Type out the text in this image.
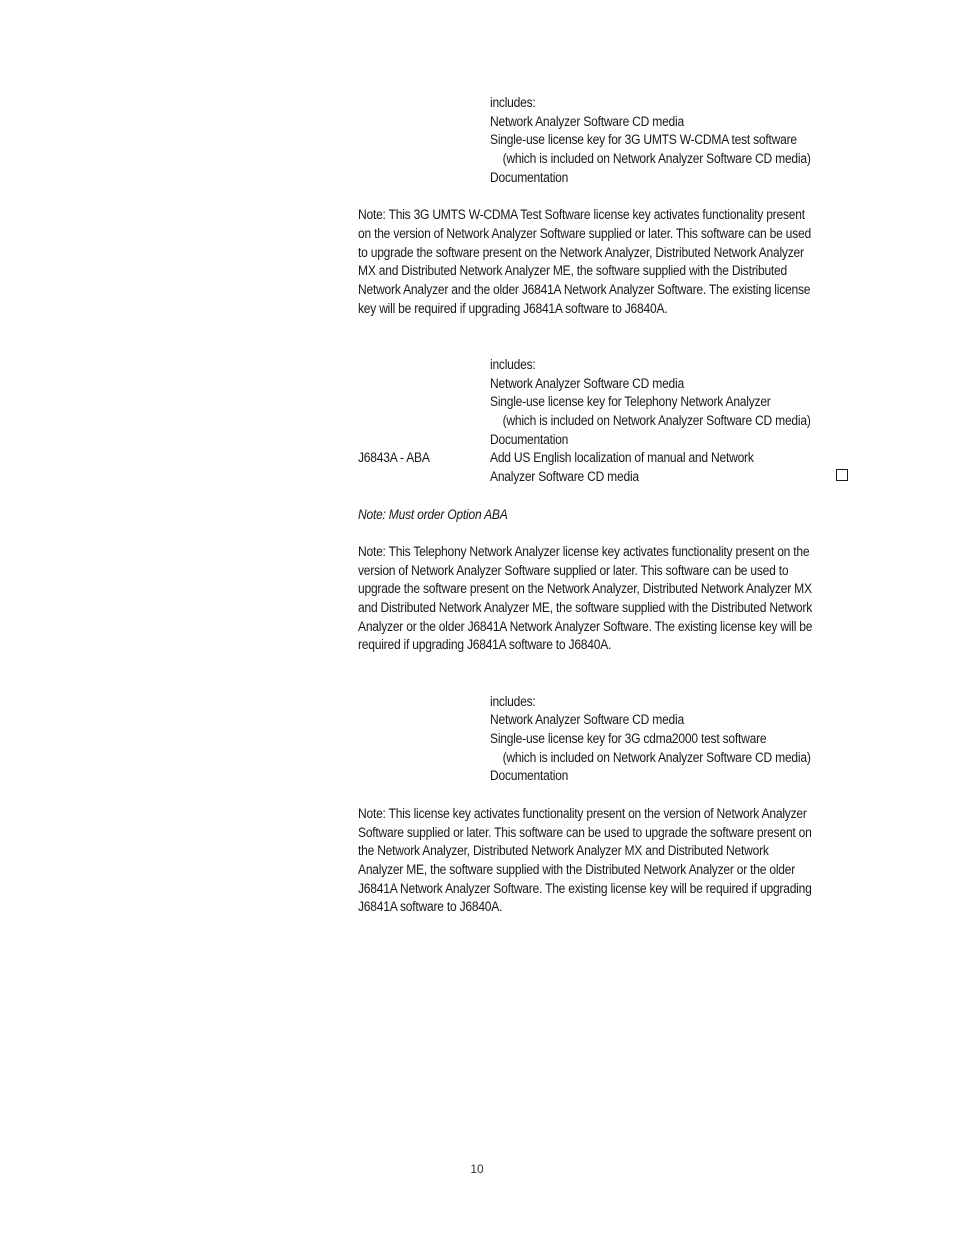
includes:
Network Analyzer Software CD media
Single-use license key for 3G UMTS W-CDMA test software
(which is included on Network Analyzer Software CD media)
Documentation
Note: This 3G UMTS W-CDMA Test Software license key activates functionality present
on the version of Network Analyzer Software supplied or later. This software can be used
to upgrade the software present on the Network Analyzer, Distributed Network Analyzer
MX and Distributed Network Analyzer ME, the software supplied with the Distributed
Network Analyzer and the older J6841A Network Analyzer Software. The existing license
key will be required if upgrading J6841A software to J6840A.
includes:
Network Analyzer Software CD media
Single-use license key for Telephony Network Analyzer
(which is included on Network Analyzer Software CD media)
Documentation
J6843A - ABA	Add US English localization of manual and Network
Analyzer Software CD media
Note: Must order Option ABA
Note: This Telephony Network Analyzer license key activates functionality present on the
version of Network Analyzer Software supplied or later. This software can be used to
upgrade the software present on the Network Analyzer, Distributed Network Analyzer MX
and Distributed Network Analyzer ME, the software supplied with the Distributed Network
Analyzer or the older J6841A Network Analyzer Software. The existing license key will be
required if upgrading J6841A software to J6840A.
includes:
Network Analyzer Software CD media
Single-use license key for 3G cdma2000 test software
(which is included on Network Analyzer Software CD media)
Documentation
Note: This license key activates functionality present on the version of Network Analyzer
Software supplied or later. This software can be used to upgrade the software present on
the Network Analyzer, Distributed Network Analyzer MX and Distributed Network
Analyzer ME, the software supplied with the Distributed Network Analyzer or the older
J6841A Network Analyzer Software. The existing license key will be required if upgrading
J6841A software to J6840A.
10
